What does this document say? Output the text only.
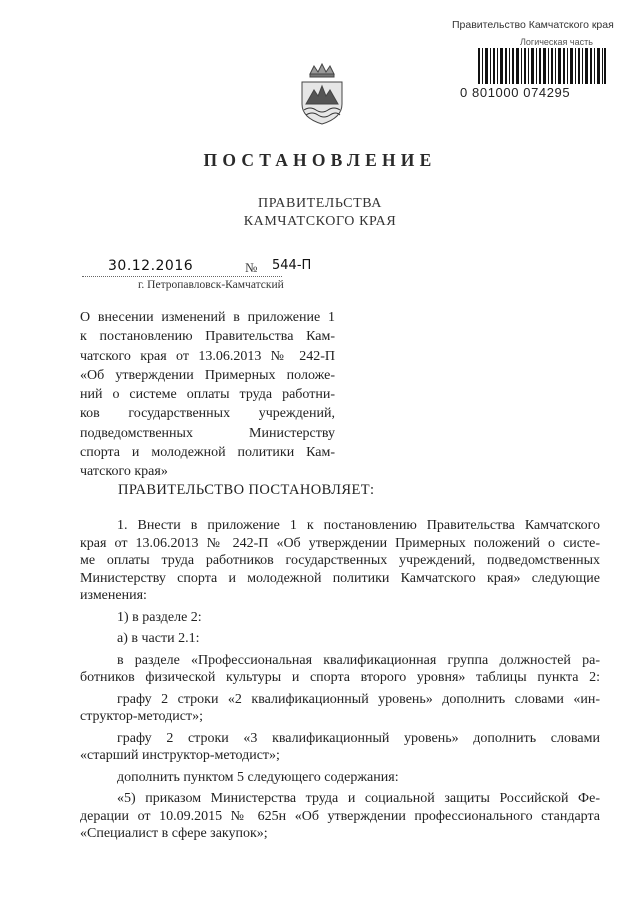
Правительство Камчатского края
Логическая часть
0 801000 074295
ПОСТАНОВЛЕНИЕ
ПРАВИТЕЛЬСТВА
КАМЧАТСКОГО КРАЯ
30.12.2016	№ 544-П
г. Петропавловск-Камчатский
О внесении изменений в приложение 1
к постановлению Правительства Кам-
чатского края от 13.06.2013 № 242-П
«Об утверждении Примерных положе-
ний о системе оплаты труда работни-
ков государственных учреждений,
подведомственных Министерству
спорта и молодежной политики Кам-
чатского края»
ПРАВИТЕЛЬСТВО ПОСТАНОВЛЯЕТ:
1. Внести в приложение 1 к постановлению Правительства Камчатского
края от 13.06.2013 № 242-П «Об утверждении Примерных положений о систе-
ме оплаты труда работников государственных учреждений, подведомственных
Министерству спорта и молодежной политики Камчатского края» следующие
изменения:
1) в разделе 2:
а) в части 2.1:
в разделе «Профессиональная квалификационная группа должностей ра-
ботников физической культуры и спорта второго уровня» таблицы пункта 2:
графу 2 строки «2 квалификационный уровень» дополнить словами «ин-
структор-методист»;
графу 2 строки «3 квалификационный уровень» дополнить словами
«старший инструктор-методист»;
дополнить пунктом 5 следующего содержания:
«5) приказом Министерства труда и социальной защиты Российской Фе-
дерации от 10.09.2015 № 625н «Об утверждении профессионального стандарта
«Специалист в сфере закупок»;
